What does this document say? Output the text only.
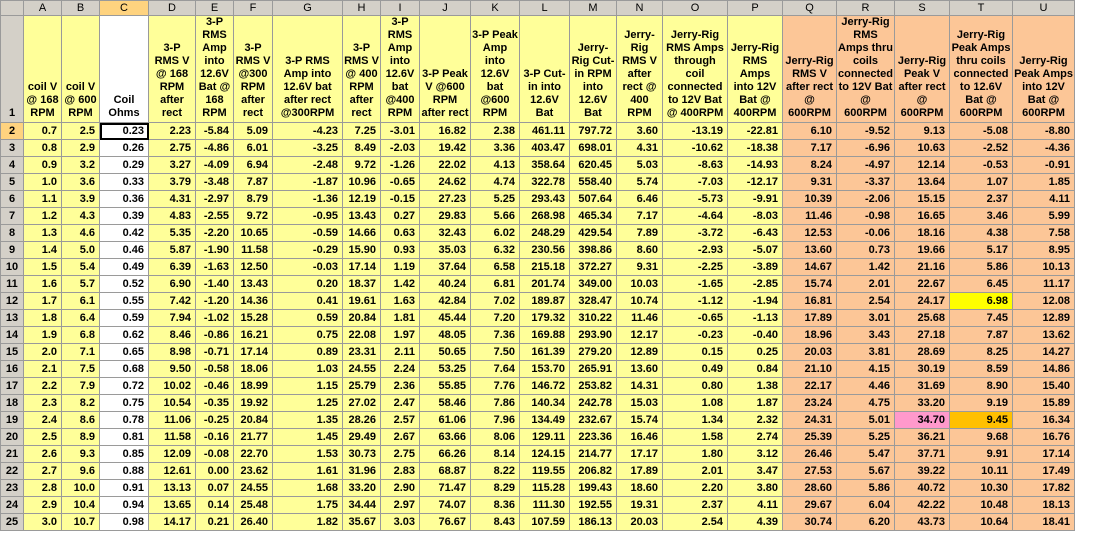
	A	B	C	D	E	F	G	H	I	J	K	L	M	N	O	P	Q	R	S	T	U
1	coil V @ 168 RPM	coil V @ 600 RPM	Coil Ohms	3-P RMS V @ 168 RPM after rect	3-P RMS Amp into 12.6V Bat @ 168 RPM	3-P RMS V @300 RPM after rect	3-P RMS Amp into 12.6V bat after rect @300RPM	3-P RMS V @ 400 RPM after rect	3-P RMS Amp into 12.6V bat @400 RPM	3-P Peak V @600 RPM after rect	3-P Peak Amp into 12.6V bat @600 RPM	3-P Cut-in into 12.6V Bat	Jerry-Rig Cut-in RPM into 12.6V Bat	Jerry-Rig RMS V after rect @ 400 RPM	Jerry-Rig RMS Amps through coil connected to 12V Bat @ 400RPM	Jerry-Rig RMS Amps into 12V Bat @ 400RPM	Jerry-Rig RMS V after rect @ 600RPM	Jerry-Rig RMS Amps thru coils connected to 12V Bat @ 600RPM	Jerry-Rig Peak V after rect @ 600RPM	Jerry-Rig Peak Amps thru coils connected to 12.6V Bat @ 600RPM	Jerry-Rig Peak Amps into 12V Bat @ 600RPM
2	0.7	2.5	0.23	2.23	-5.84	5.09	-4.23	7.25	-3.01	16.82	2.38	461.11	797.72	3.60	-13.19	-22.81	6.10	-9.52	9.13	-5.08	-8.80
3	0.8	2.9	0.26	2.75	-4.86	6.01	-3.25	8.49	-2.03	19.42	3.36	403.47	698.01	4.31	-10.62	-18.38	7.17	-6.96	10.63	-2.52	-4.36
4	0.9	3.2	0.29	3.27	-4.09	6.94	-2.48	9.72	-1.26	22.02	4.13	358.64	620.45	5.03	-8.63	-14.93	8.24	-4.97	12.14	-0.53	-0.91
5	1.0	3.6	0.33	3.79	-3.48	7.87	-1.87	10.96	-0.65	24.62	4.74	322.78	558.40	5.74	-7.03	-12.17	9.31	-3.37	13.64	1.07	1.85
6	1.1	3.9	0.36	4.31	-2.97	8.79	-1.36	12.19	-0.15	27.23	5.25	293.43	507.64	6.46	-5.73	-9.91	10.39	-2.06	15.15	2.37	4.11
7	1.2	4.3	0.39	4.83	-2.55	9.72	-0.95	13.43	0.27	29.83	5.66	268.98	465.34	7.17	-4.64	-8.03	11.46	-0.98	16.65	3.46	5.99
8	1.3	4.6	0.42	5.35	-2.20	10.65	-0.59	14.66	0.63	32.43	6.02	248.29	429.54	7.89	-3.72	-6.43	12.53	-0.06	18.16	4.38	7.58
9	1.4	5.0	0.46	5.87	-1.90	11.58	-0.29	15.90	0.93	35.03	6.32	230.56	398.86	8.60	-2.93	-5.07	13.60	0.73	19.66	5.17	8.95
10	1.5	5.4	0.49	6.39	-1.63	12.50	-0.03	17.14	1.19	37.64	6.58	215.18	372.27	9.31	-2.25	-3.89	14.67	1.42	21.16	5.86	10.13
11	1.6	5.7	0.52	6.90	-1.40	13.43	0.20	18.37	1.42	40.24	6.81	201.74	349.00	10.03	-1.65	-2.85	15.74	2.01	22.67	6.45	11.17
12	1.7	6.1	0.55	7.42	-1.20	14.36	0.41	19.61	1.63	42.84	7.02	189.87	328.47	10.74	-1.12	-1.94	16.81	2.54	24.17	6.98	12.08
13	1.8	6.4	0.59	7.94	-1.02	15.28	0.59	20.84	1.81	45.44	7.20	179.32	310.22	11.46	-0.65	-1.13	17.89	3.01	25.68	7.45	12.89
14	1.9	6.8	0.62	8.46	-0.86	16.21	0.75	22.08	1.97	48.05	7.36	169.88	293.90	12.17	-0.23	-0.40	18.96	3.43	27.18	7.87	13.62
15	2.0	7.1	0.65	8.98	-0.71	17.14	0.89	23.31	2.11	50.65	7.50	161.39	279.20	12.89	0.15	0.25	20.03	3.81	28.69	8.25	14.27
16	2.1	7.5	0.68	9.50	-0.58	18.06	1.03	24.55	2.24	53.25	7.64	153.70	265.91	13.60	0.49	0.84	21.10	4.15	30.19	8.59	14.86
17	2.2	7.9	0.72	10.02	-0.46	18.99	1.15	25.79	2.36	55.85	7.76	146.72	253.82	14.31	0.80	1.38	22.17	4.46	31.69	8.90	15.40
18	2.3	8.2	0.75	10.54	-0.35	19.92	1.25	27.02	2.47	58.46	7.86	140.34	242.78	15.03	1.08	1.87	23.24	4.75	33.20	9.19	15.89
19	2.4	8.6	0.78	11.06	-0.25	20.84	1.35	28.26	2.57	61.06	7.96	134.49	232.67	15.74	1.34	2.32	24.31	5.01	34.70	9.45	16.34
20	2.5	8.9	0.81	11.58	-0.16	21.77	1.45	29.49	2.67	63.66	8.06	129.11	223.36	16.46	1.58	2.74	25.39	5.25	36.21	9.68	16.76
21	2.6	9.3	0.85	12.09	-0.08	22.70	1.53	30.73	2.75	66.26	8.14	124.15	214.77	17.17	1.80	3.12	26.46	5.47	37.71	9.91	17.14
22	2.7	9.6	0.88	12.61	0.00	23.62	1.61	31.96	2.83	68.87	8.22	119.55	206.82	17.89	2.01	3.47	27.53	5.67	39.22	10.11	17.49
23	2.8	10.0	0.91	13.13	0.07	24.55	1.68	33.20	2.90	71.47	8.29	115.28	199.43	18.60	2.20	3.80	28.60	5.86	40.72	10.30	17.82
24	2.9	10.4	0.94	13.65	0.14	25.48	1.75	34.44	2.97	74.07	8.36	111.30	192.55	19.31	2.37	4.11	29.67	6.04	42.22	10.48	18.13
25	3.0	10.7	0.98	14.17	0.21	26.40	1.82	35.67	3.03	76.67	8.43	107.59	186.13	20.03	2.54	4.39	30.74	6.20	43.73	10.64	18.41
